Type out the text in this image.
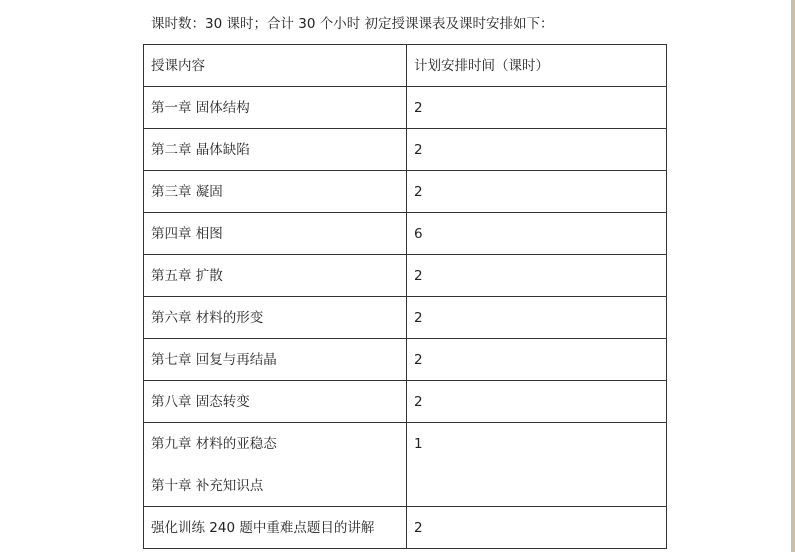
课时数：30 课时；合计 30 个小时 初定授课课表及课时安排如下：
授课内容	计划安排时间（课时）
第一章 固体结构	2
第二章 晶体缺陷	2
第三章 凝固	2
第四章 相图	6
第五章 扩散	2
第六章 材料的形变	2
第七章 回复与再结晶	2
第八章 固态转变	2

第九章 材料的亚稳态
第十章 补充知识点	1

强化训练 240 题中重难点题目的讲解	2
